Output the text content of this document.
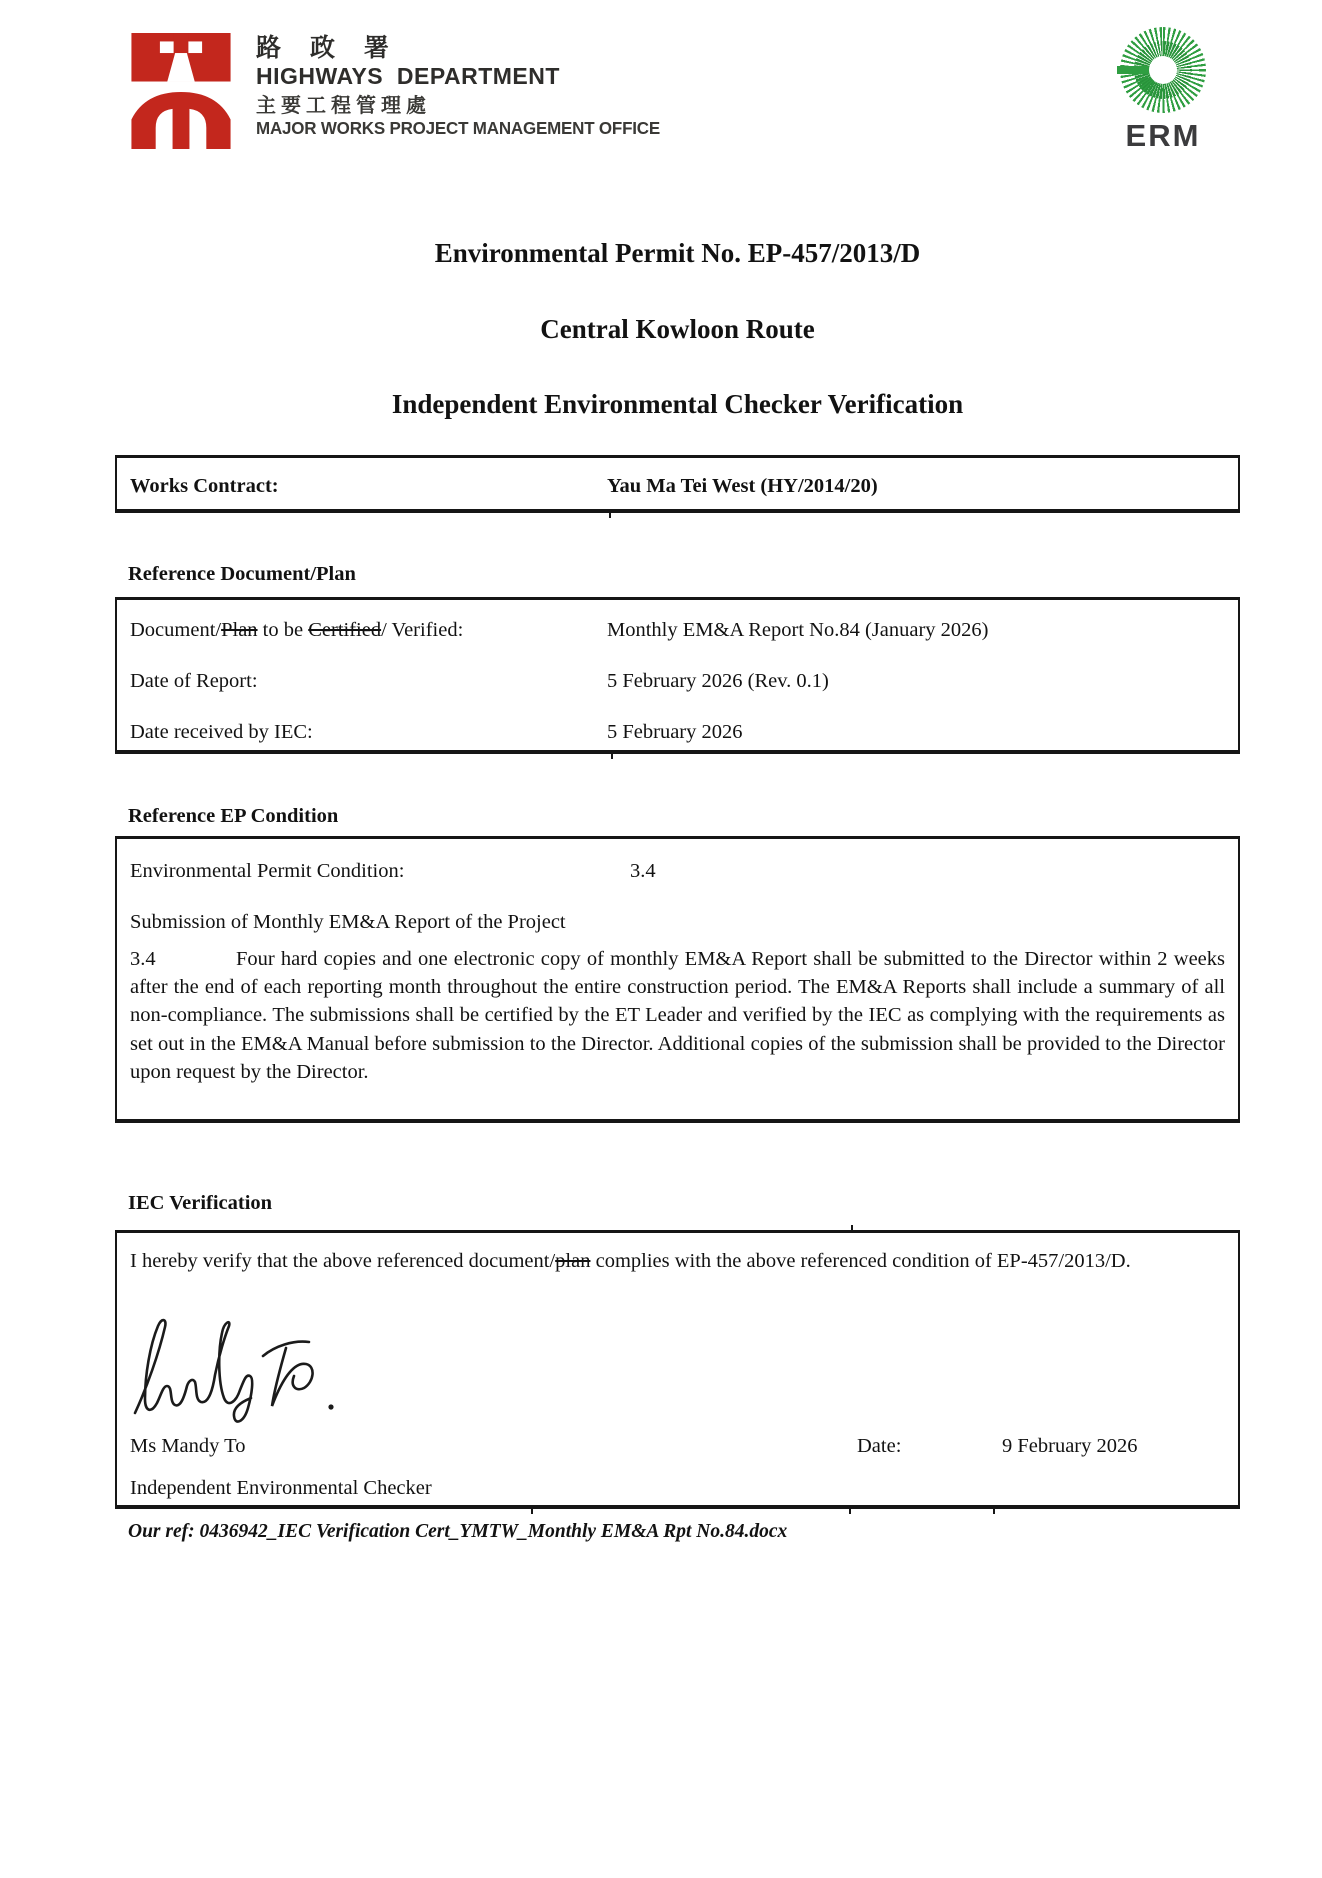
路 政 署
HIGHWAYS  DEPARTMENT
主要工程管理處
MAJOR WORKS PROJECT MANAGEMENT OFFICE	ERM
Environmental Permit No. EP-457/2013/D
Central Kowloon Route
Independent Environmental Checker Verification
Works Contract:	Yau Ma Tei West (HY/2014/20)
Reference Document/Plan
Document/Plan to be Certified/ Verified:	Monthly EM&A Report No.84 (January 2026)
Date of Report:	5 February 2026 (Rev. 0.1)
Date received by IEC:	5 February 2026
Reference EP Condition
Environmental Permit Condition:	3.4
Submission of Monthly EM&A Report of the Project
3.4	Four hard copies and one electronic copy of monthly EM&A Report shall be submitted to the Director within 2 weeks after the end of each reporting month throughout the entire construction period. The EM&A Reports shall include a summary of all non-compliance. The submissions shall be certified by the ET Leader and verified by the IEC as complying with the requirements as set out in the EM&A Manual before submission to the Director. Additional copies of the submission shall be provided to the Director upon request by the Director.
IEC Verification
I hereby verify that the above referenced document/plan complies with the above referenced condition of EP-457/2013/D.
Ms Mandy To	Date:	9 February 2026
Independent Environmental Checker
Our ref: 0436942_IEC Verification Cert_YMTW_Monthly EM&A Rpt No.84.docx
